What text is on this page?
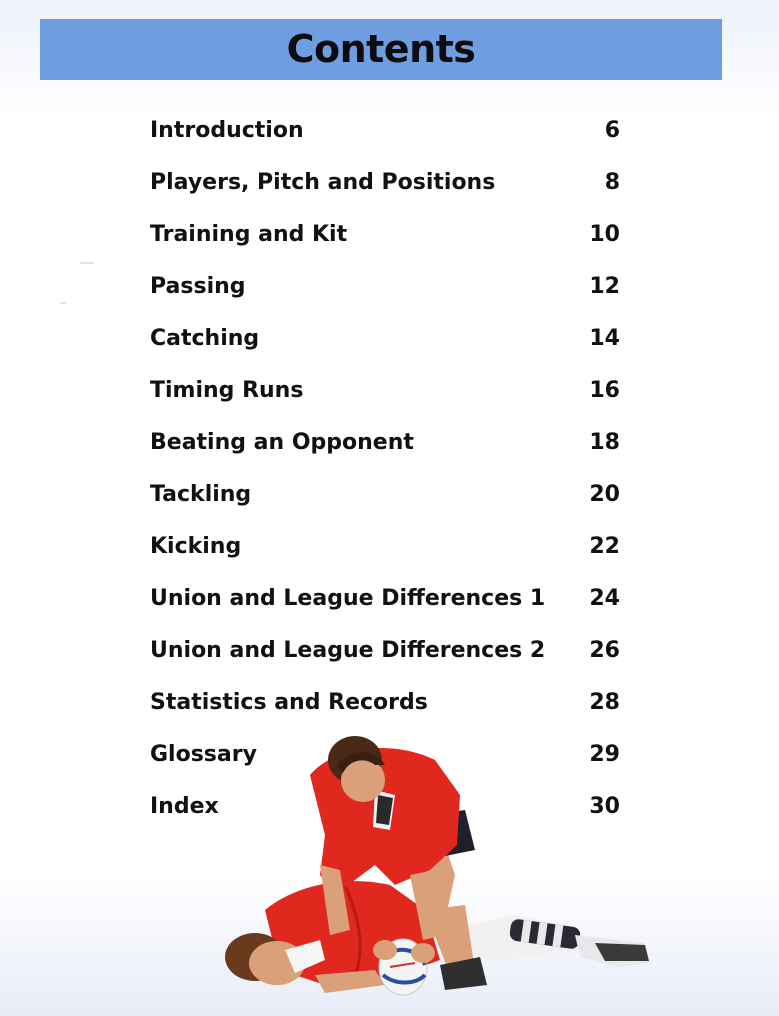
Contents
Introduction	6
Players, Pitch and Positions	8
Training and Kit	10
Passing	12
Catching	14
Timing Runs	16
Beating an Opponent	18
Tackling	20
Kicking	22
Union and League Differences 1 24
Union and League Differences 2 26
Statistics and Records	28
Glossary	29
Index	30
